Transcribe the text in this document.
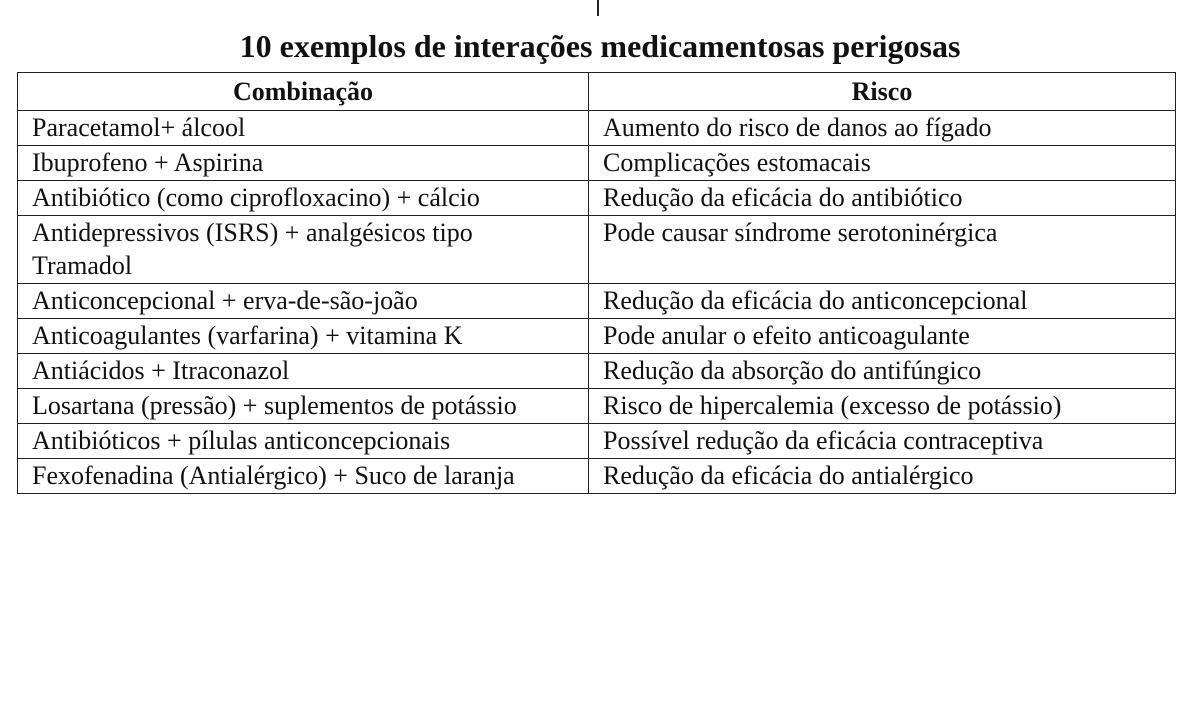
10 exemplos de interações medicamentosas perigosas
Combinação	Risco
Paracetamol+ álcool	Aumento do risco de danos ao fígado
Ibuprofeno + Aspirina	Complicações estomacais
Antibiótico (como ciprofloxacino) + cálcio	Redução da eficácia do antibiótico
Antidepressivos (ISRS) + analgésicos tipo Tramadol	Pode causar síndrome serotoninérgica
Anticoncepcional + erva-de-são-joão	Redução da eficácia do anticoncepcional
Anticoagulantes (varfarina) + vitamina K	Pode anular o efeito anticoagulante
Antiácidos + Itraconazol	Redução da absorção do antifúngico
Losartana (pressão) + suplementos de potássio	Risco de hipercalemia (excesso de potássio)
Antibióticos + pílulas anticoncepcionais	Possível redução da eficácia contraceptiva
Fexofenadina (Antialérgico) + Suco de laranja	Redução da eficácia do antialérgico
